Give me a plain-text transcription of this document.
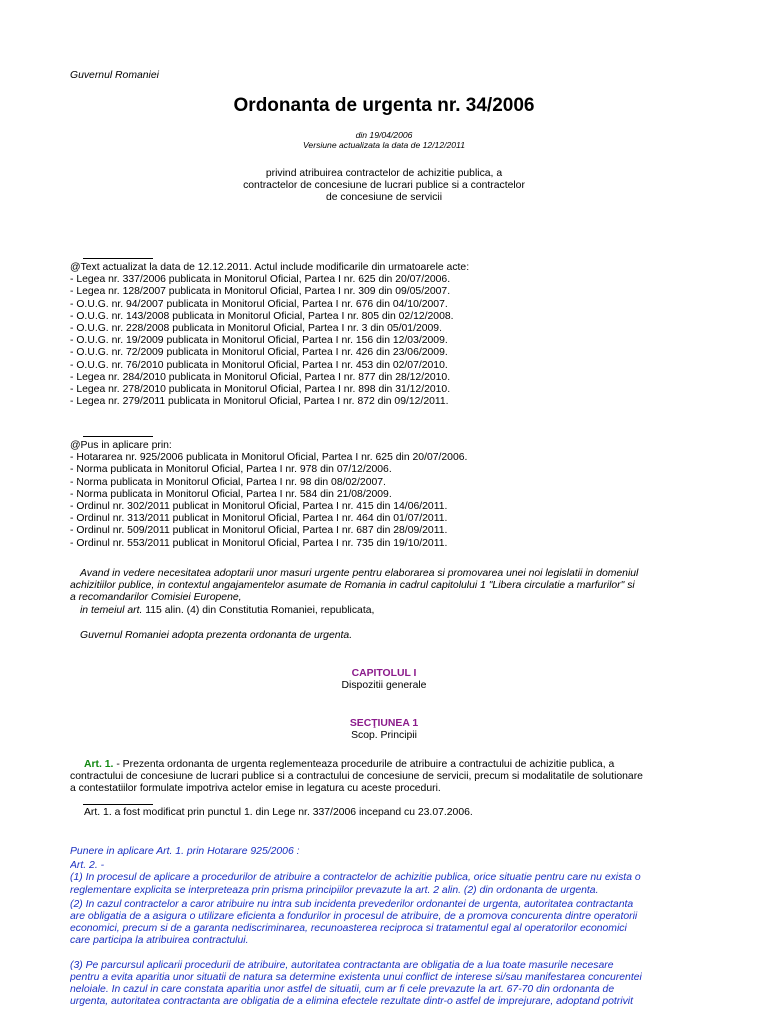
Guvernul Romaniei
Ordonanta de urgenta nr. 34/2006
din 19/04/2006
Versiune actualizata la data de 12/12/2011
privind atribuirea contractelor de achizitie publica, a
contractelor de concesiune de lucrari publice si a contractelor
de concesiune de servicii
@Text actualizat la data de 12.12.2011. Actul include modificarile din urmatoarele acte:
- Legea nr. 337/2006 publicata in Monitorul Oficial, Partea I nr. 625 din 20/07/2006.
- Legea nr. 128/2007 publicata in Monitorul Oficial, Partea I nr. 309 din 09/05/2007.
- O.U.G. nr. 94/2007 publicata in Monitorul Oficial, Partea I nr. 676 din 04/10/2007.
- O.U.G. nr. 143/2008 publicata in Monitorul Oficial, Partea I nr. 805 din 02/12/2008.
- O.U.G. nr. 228/2008 publicata in Monitorul Oficial, Partea I nr. 3 din 05/01/2009.
- O.U.G. nr. 19/2009 publicata in Monitorul Oficial, Partea I nr. 156 din 12/03/2009.
- O.U.G. nr. 72/2009 publicata in Monitorul Oficial, Partea I nr. 426 din 23/06/2009.
- O.U.G. nr. 76/2010 publicata in Monitorul Oficial, Partea I nr. 453 din 02/07/2010.
- Legea nr. 284/2010 publicata in Monitorul Oficial, Partea I nr. 877 din 28/12/2010.
- Legea nr. 278/2010 publicata in Monitorul Oficial, Partea I nr. 898 din 31/12/2010.
- Legea nr. 279/2011 publicata in Monitorul Oficial, Partea I nr. 872 din 09/12/2011.
@Pus in aplicare prin:
- Hotararea nr. 925/2006 publicata in Monitorul Oficial, Partea I nr. 625 din 20/07/2006.
- Norma publicata in Monitorul Oficial, Partea I nr. 978 din 07/12/2006.
- Norma publicata in Monitorul Oficial, Partea I nr. 98 din 08/02/2007.
- Norma publicata in Monitorul Oficial, Partea I nr. 584 din 21/08/2009.
- Ordinul nr. 302/2011 publicat in Monitorul Oficial, Partea I nr. 415 din 14/06/2011.
- Ordinul nr. 313/2011 publicat in Monitorul Oficial, Partea I nr. 464 din 01/07/2011.
- Ordinul nr. 509/2011 publicat in Monitorul Oficial, Partea I nr. 687 din 28/09/2011.
- Ordinul nr. 553/2011 publicat in Monitorul Oficial, Partea I nr. 735 din 19/10/2011.
Avand in vedere necesitatea adoptarii unor masuri urgente pentru elaborarea si promovarea unei noi legislatii in domeniul
achizitiilor publice, in contextul angajamentelor asumate de Romania in cadrul capitolului 1 "Libera circulatie a marfurilor" si
a recomandarilor Comisiei Europene,
in temeiul art. 115 alin. (4) din Constitutia Romaniei, republicata,
Guvernul Romaniei adopta prezenta ordonanta de urgenta.
CAPITOLUL I
Dispozitii generale
SECŢIUNEA 1
Scop. Principii
Art. 1. - Prezenta ordonanta de urgenta reglementeaza procedurile de atribuire a contractului de achizitie publica, a
contractului de concesiune de lucrari publice si a contractului de concesiune de servicii, precum si modalitatile de solutionare
a contestatiilor formulate impotriva actelor emise in legatura cu aceste proceduri.
Art. 1. a fost modificat prin punctul 1. din Lege nr. 337/2006 incepand cu 23.07.2006.
Punere in aplicare Art. 1. prin Hotarare 925/2006 :
Art. 2. -
(1) In procesul de aplicare a procedurilor de atribuire a contractelor de achizitie publica, orice situatie pentru care nu exista o
reglementare explicita se interpreteaza prin prisma principiilor prevazute la art. 2 alin. (2) din ordonanta de urgenta.
(2) In cazul contractelor a caror atribuire nu intra sub incidenta prevederilor ordonantei de urgenta, autoritatea contractanta
are obligatia de a asigura o utilizare eficienta a fondurilor in procesul de atribuire, de a promova concurenta dintre operatorii
economici, precum si de a garanta nediscriminarea, recunoasterea reciproca si tratamentul egal al operatorilor economici
care participa la atribuirea contractului.
(3) Pe parcursul aplicarii procedurii de atribuire, autoritatea contractanta are obligatia de a lua toate masurile necesare
pentru a evita aparitia unor situatii de natura sa determine existenta unui conflict de interese si/sau manifestarea concurentei
neloiale. In cazul in care constata aparitia unor astfel de situatii, cum ar fi cele prevazute la art. 67-70 din ordonanta de
urgenta, autoritatea contractanta are obligatia de a elimina efectele rezultate dintr-o astfel de imprejurare, adoptand potrivit
